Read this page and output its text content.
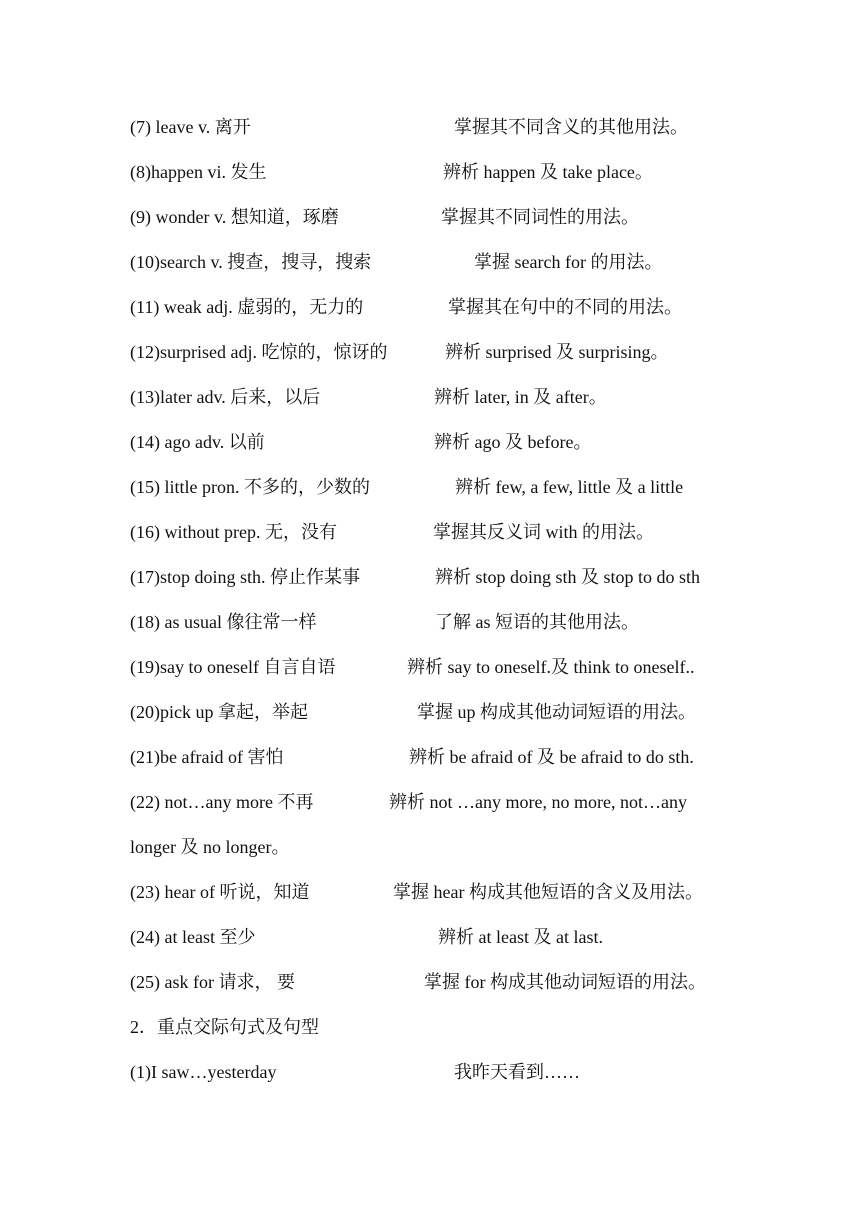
(7) leave v. 离开	掌握其不同含义的其他用法。
(8)happen vi. 发生	辨析 happen 及 take place。
(9) wonder v. 想知道，琢磨	掌握其不同词性的用法。
(10)search v. 搜查，搜寻，搜索	掌握 search for 的用法。
(11) weak adj. 虚弱的，无力的	掌握其在句中的不同的用法。
(12)surprised adj. 吃惊的，惊讶的	辨析 surprised 及 surprising。
(13)later adv. 后来，以后	辨析 later, in 及 after。
(14) ago adv. 以前	辨析 ago 及 before。
(15) little pron. 不多的，少数的	辨析 few, a few, little 及 a little
(16) without prep. 无，没有	掌握其反义词 with 的用法。
(17)stop doing sth. 停止作某事	辨析 stop doing sth 及 stop to do sth
(18) as usual 像往常一样	了解 as 短语的其他用法。
(19)say to oneself 自言自语	辨析 say to oneself.及 think to oneself..
(20)pick up 拿起，举起	掌握 up 构成其他动词短语的用法。
(21)be afraid of 害怕	辨析 be afraid of 及 be afraid to do sth.
(22) not…any more 不再	辨析 not …any more, no more, not…any
longer 及 no longer。
(23) hear of 听说，知道	掌握 hear 构成其他短语的含义及用法。
(24) at least 至少	辨析 at least 及 at last.
(25) ask for 请求， 要	掌握 for 构成其他动词短语的用法。
2．重点交际句式及句型
(1)I saw…yesterday	我昨天看到……
